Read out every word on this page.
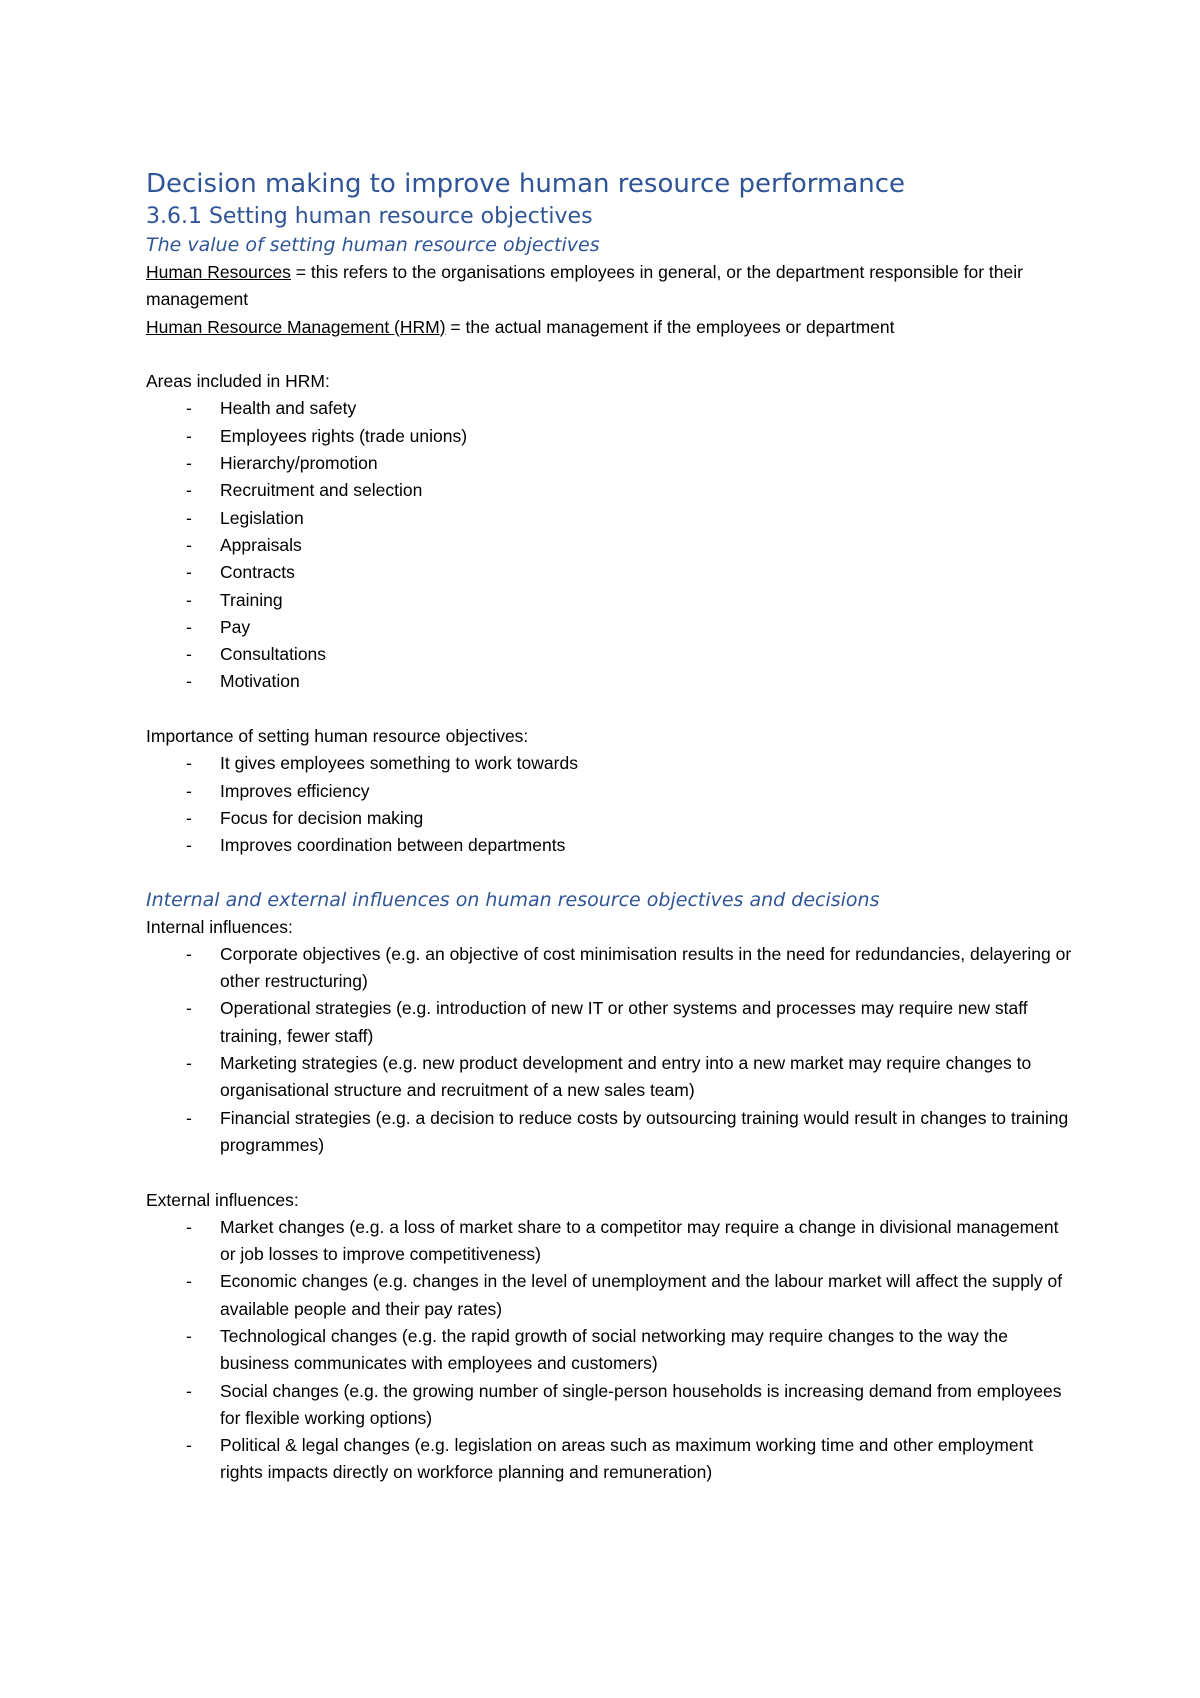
Decision making to improve human resource performance
3.6.1 Setting human resource objectives
The value of setting human resource objectives

Human Resources = this refers to the organisations employees in general, or the department responsible for their management

Human Resource Management (HRM) = the actual management if the employees or department

Areas included in HRM:

- Health and safety
- Employees rights (trade unions)
- Hierarchy/promotion
- Recruitment and selection
- Legislation
- Appraisals
- Contracts
- Training
- Pay
- Consultations
- Motivation

Importance of setting human resource objectives:

- It gives employees something to work towards
- Improves efficiency
- Focus for decision making
- Improves coordination between departments
Internal and external influences on human resource objectives and decisions

Internal influences:

- Corporate objectives (e.g. an objective of cost minimisation results in the need for redundancies, delayering or other restructuring)
- Operational strategies (e.g. introduction of new IT or other systems and processes may require new staff training, fewer staff)
- Marketing strategies (e.g. new product development and entry into a new market may require changes to organisational structure and recruitment of a new sales team)
- Financial strategies (e.g. a decision to reduce costs by outsourcing training would result in changes to training programmes)

External influences:

- Market changes (e.g. a loss of market share to a competitor may require a change in divisional management or job losses to improve competitiveness)
- Economic changes (e.g. changes in the level of unemployment and the labour market will affect the supply of available people and their pay rates)
- Technological changes (e.g. the rapid growth of social networking may require changes to the way the business communicates with employees and customers)
- Social changes (e.g. the growing number of single-person households is increasing demand from employees for flexible working options)
- Political & legal changes (e.g. legislation on areas such as maximum working time and other employment rights impacts directly on workforce planning and remuneration)
